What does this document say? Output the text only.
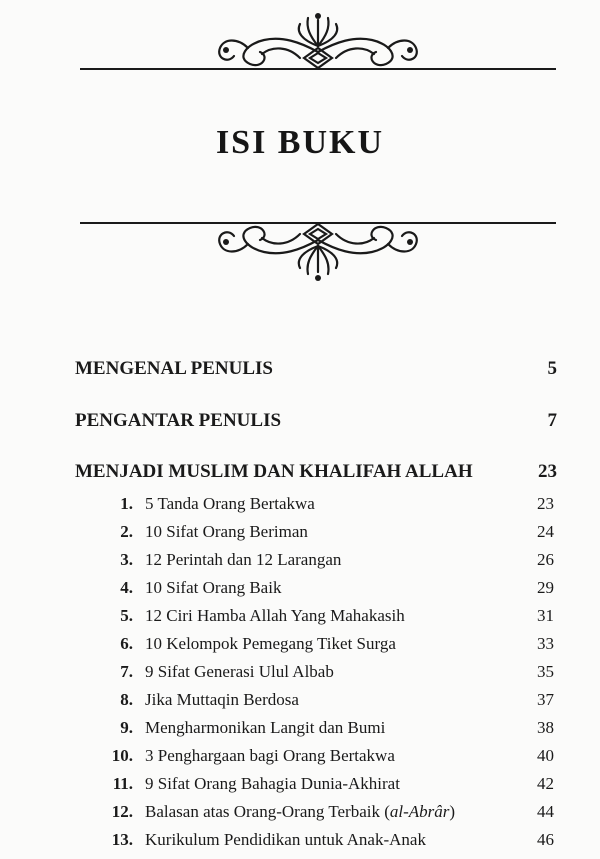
ISI BUKU
MENGENAL PENULIS	5
PENGANTAR PENULIS	7
MENJADI MUSLIM DAN KHALIFAH ALLAH	23
1. 5 Tanda Orang Bertakwa	23
2. 10 Sifat Orang Beriman	24
3. 12 Perintah dan 12 Larangan	26
4. 10 Sifat Orang Baik	29
5. 12 Ciri Hamba Allah Yang Mahakasih	31
6. 10 Kelompok Pemegang Tiket Surga	33
7. 9 Sifat Generasi Ulul Albab	35
8. Jika Muttaqin Berdosa	37
9. Mengharmonikan Langit dan Bumi	38
10. 3 Penghargaan bagi Orang Bertakwa	40
11. 9 Sifat Orang Bahagia Dunia-Akhirat	42
12. Balasan atas Orang-Orang Terbaik (al-Abrâr)	44
13. Kurikulum Pendidikan untuk Anak-Anak	46
